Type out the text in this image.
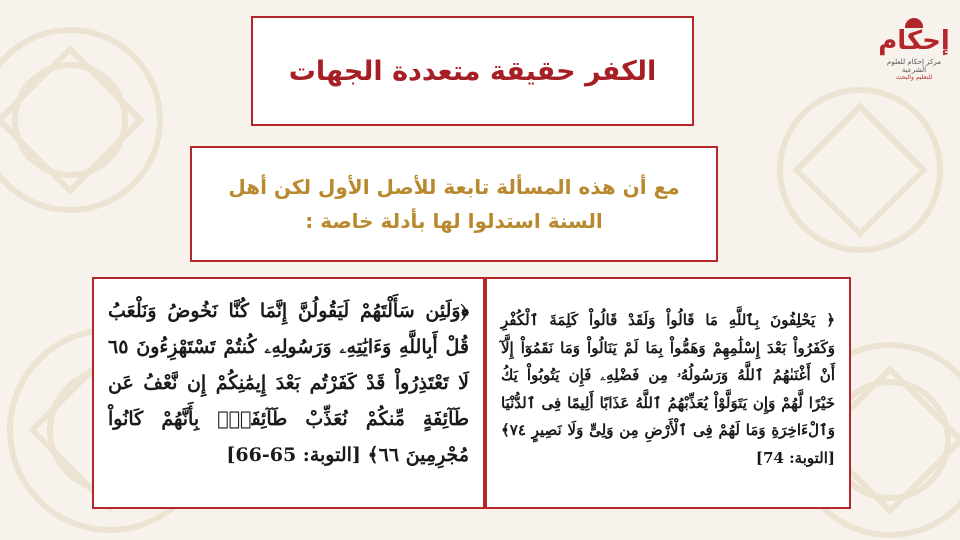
الكفر حقيقة متعددة الجهات
مع أن هذه المسألة تابعة للأصل الأول لكن أهل السنة استدلوا لها بأدلة خاصة :
﴿وَلَئِن سَأَلْتَهُمْ لَيَقُولُنَّ إِنَّمَا كُنَّا نَخُوضُ وَنَلْعَبُ قُلْ أَبِاللَّهِ وَءَايَٰتِهِۦ وَرَسُولِهِۦ كُنتُمْ تَسْتَهْزِءُونَ ٦٥ لَا تَعْتَذِرُواْ قَدْ كَفَرْتُم بَعْدَ إِيمَٰنِكُمْ إِن نَّعْفُ عَن طَآئِفَةٍ مِّنكُمْ نُعَذِّبْ طَآئِفَةًۢ بِأَنَّهُمْ كَانُواْ مُجْرِمِينَ ٦٦﴾ [التوبة: 65-66]
﴿ يَحْلِفُونَ بِٱللَّهِ مَا قَالُواْ وَلَقَدْ قَالُواْ كَلِمَةَ ٱلْكُفْرِ وَكَفَرُواْ بَعْدَ إِسْلَٰمِهِمْ وَهَمُّواْ بِمَا لَمْ يَنَالُواْ وَمَا نَقَمُوٓاْ إِلَّآ أَنْ أَغْنَىٰهُمُ ٱللَّهُ وَرَسُولُهُۥ مِن فَضْلِهِۦ فَإِن يَتُوبُواْ يَكُ خَيْرًا لَّهُمْ وَإِن يَتَوَلَّوْاْ يُعَذِّبْهُمُ ٱللَّهُ عَذَابًا أَلِيمًا فِى ٱلدُّنْيَا وَٱلْءَاخِرَةِ وَمَا لَهُمْ فِى ٱلْأَرْضِ مِن وَلِىٍّ وَلَا نَصِيرٍ ٧٤﴾ [التوبة: 74]
إحكام
مركز إحكام للعلوم الشرعية
للتعليم والبحث
